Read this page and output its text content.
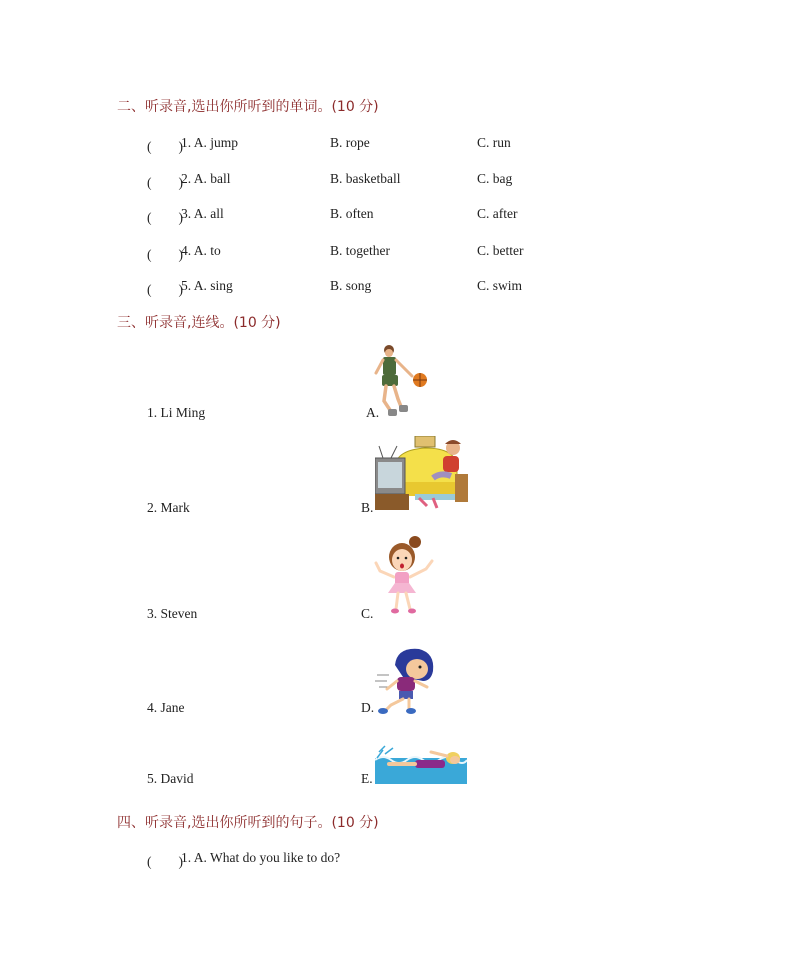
二、听录音,选出你所听到的单词。(10 分)
(　　)
1. A. jump	B. rope	C. run
(　　)
2. A. ball	B. basketball	C. bag
(　　)
3. A. all	B. often	C. after
(　　)
4. A. to	B. together	C. better
(　　)
5. A. sing	B. song	C. swim
三、听录音,连线。(10 分)
1. Li Ming	A.
2. Mark	B.
3. Steven	C.
4. Jane	D.
5. David	E.
四、听录音,选出你所听到的句子。(10 分)
(　　)
1. A. What do you like to do?
